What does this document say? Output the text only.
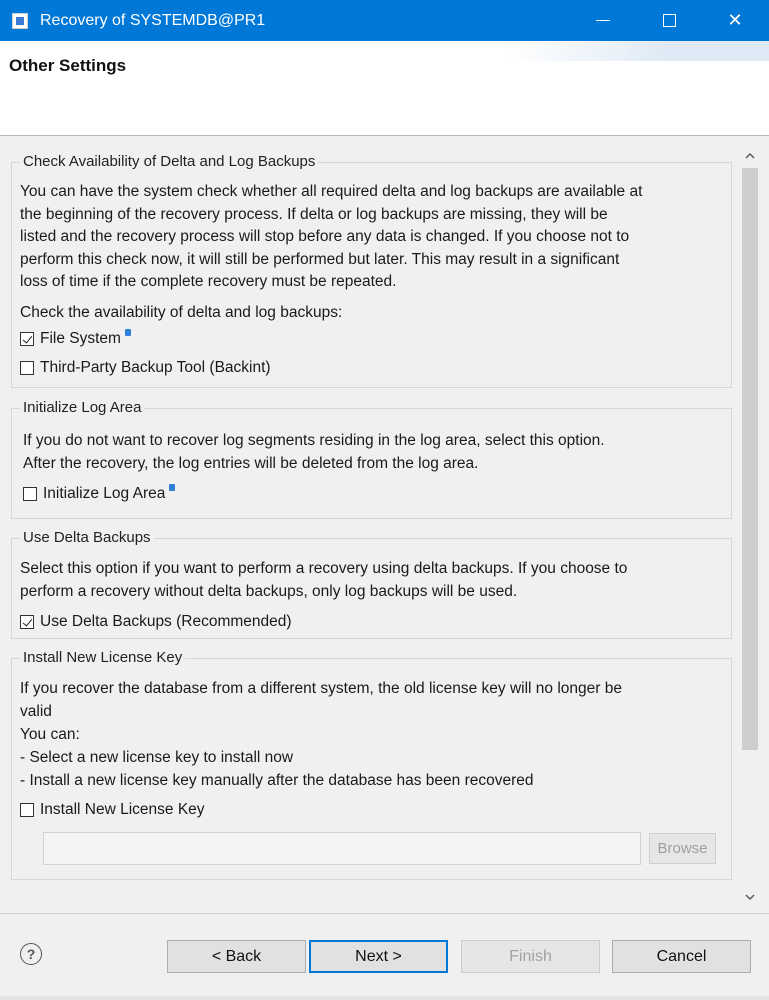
Recovery of SYSTEMDB@PR1	✕
Other Settings
Check Availability of Delta and Log Backups
You can have the system check whether all required delta and log backups are available at
the beginning of the recovery process. If delta or log backups are missing, they will be
listed and the recovery process will stop before any data is changed. If you choose not to
perform this check now, it will still be performed but later. This may result in a significant
loss of time if the complete recovery must be repeated.
Check the availability of delta and log backups:
File System
Third-Party Backup Tool (Backint)
Initialize Log Area
If you do not want to recover log segments residing in the log area, select this option.
After the recovery, the log entries will be deleted from the log area.
Initialize Log Area
Use Delta Backups
Select this option if you want to perform a recovery using delta backups. If you choose to
perform a recovery without delta backups, only log backups will be used.
Use Delta Backups (Recommended)
Install New License Key
If you recover the database from a different system, the old license key will no longer be
valid
You can:
- Select a new license key to install now
- Install a new license key manually after the database has been recovered
Install New License Key
Browse
?	< Back	Next >	Finish	Cancel
